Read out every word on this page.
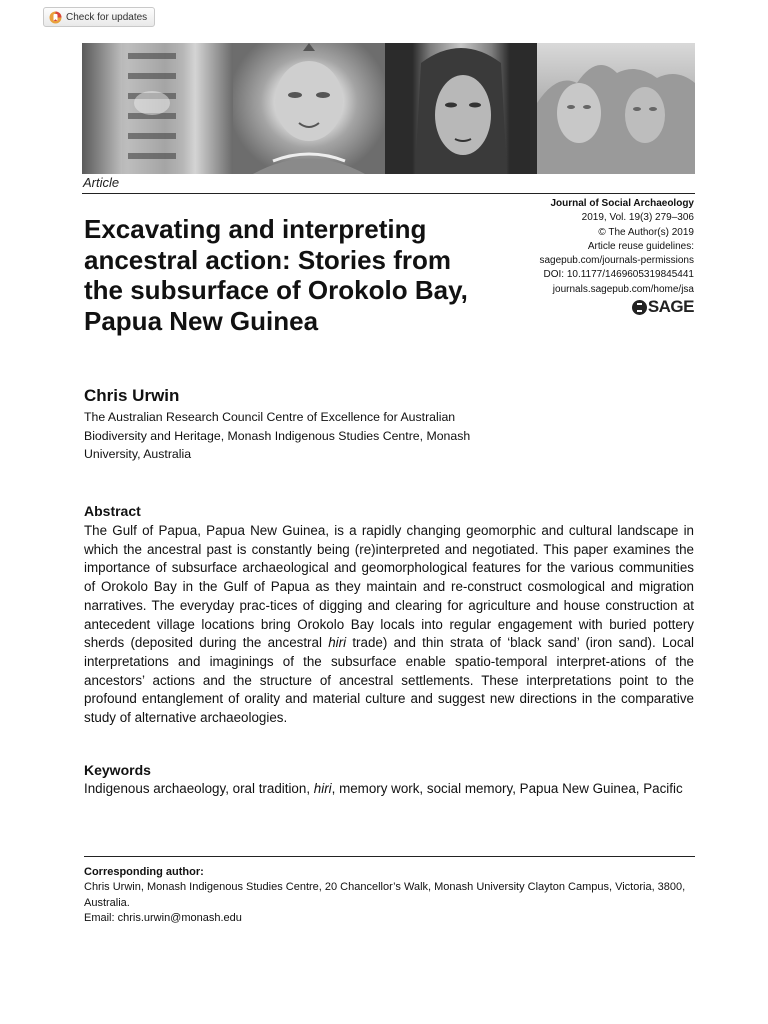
Check for updates
Article
Journal of Social Archaeology
2019, Vol. 19(3) 279–306
© The Author(s) 2019
Article reuse guidelines:
sagepub.com/journals-permissions
DOI: 10.1177/1469605319845441
journals.sagepub.com/home/jsa
SAGE
Excavating and interpreting ancestral action: Stories from the subsurface of Orokolo Bay, Papua New Guinea
Chris Urwin
The Australian Research Council Centre of Excellence for Australian Biodiversity and Heritage, Monash Indigenous Studies Centre, Monash University, Australia
Abstract

The Gulf of Papua, Papua New Guinea, is a rapidly changing geomorphic and cultural landscape in which the ancestral past is constantly being (re)interpreted and negotiated. This paper examines the importance of subsurface archaeological and geomorphological features for the various communities of Orokolo Bay in the Gulf of Papua as they maintain and re-construct cosmological and migration narratives. The everyday prac-tices of digging and clearing for agriculture and house construction at antecedent village locations bring Orokolo Bay locals into regular engagement with buried pottery sherds (deposited during the ancestral hiri trade) and thin strata of ‘black sand’ (iron sand). Local interpretations and imaginings of the subsurface enable spatio-temporal interpret-ations of the ancestors’ actions and the structure of ancestral settlements. These interpretations point to the profound entanglement of orality and material culture and suggest new directions in the comparative study of alternative archaeologies.

Keywords
Indigenous archaeology, oral tradition, hiri, memory work, social memory, Papua New Guinea, Pacific
Corresponding author:
Chris Urwin, Monash Indigenous Studies Centre, 20 Chancellor’s Walk, Monash University Clayton Campus, Victoria, 3800, Australia.
Email: chris.urwin@monash.edu
